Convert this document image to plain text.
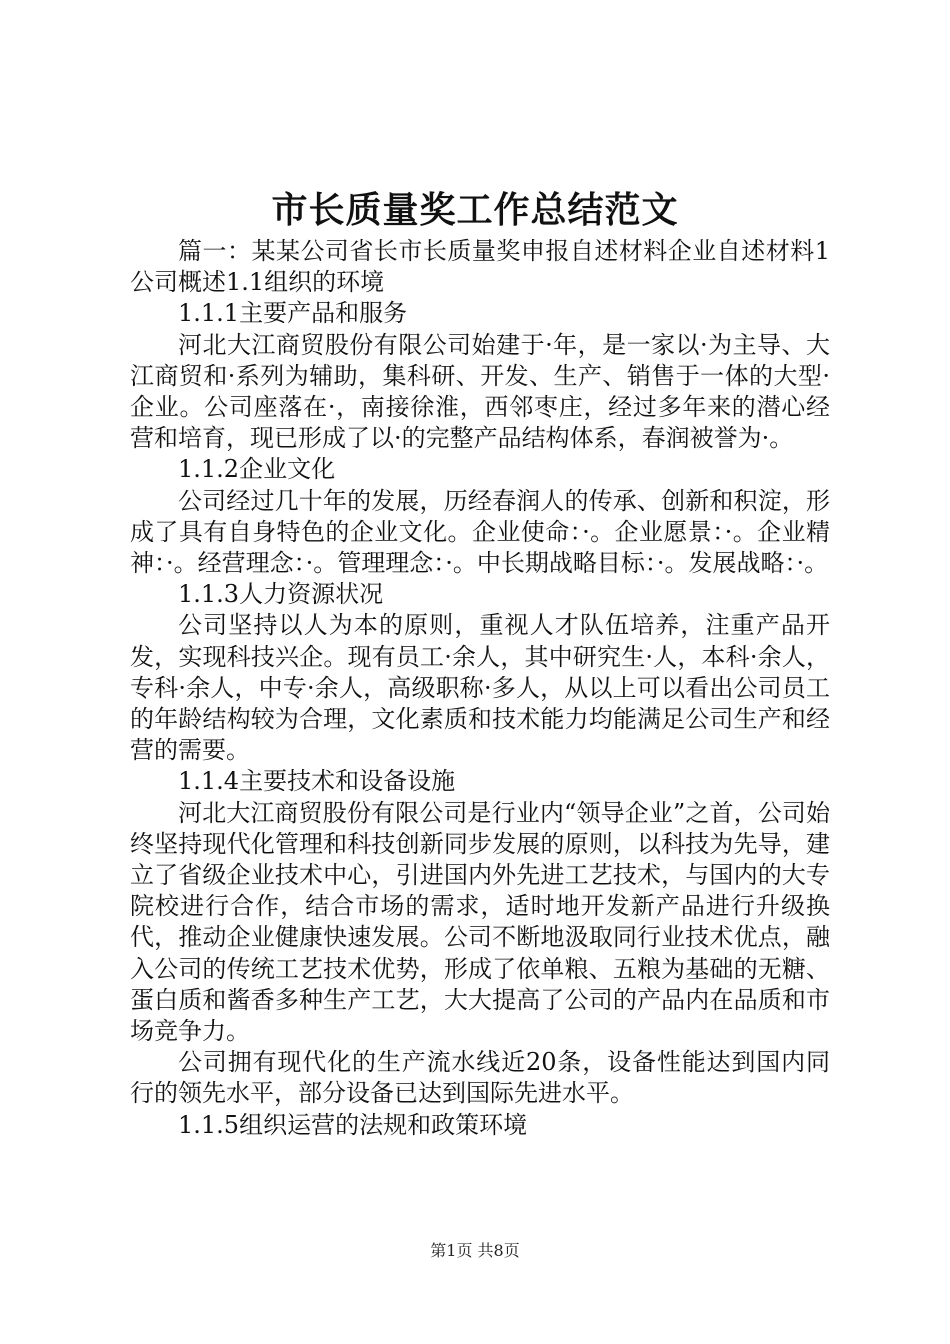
市长质量奖工作总结范文

篇一：某某公司省长市长质量奖申报自述材料企业自述材料1公司概述1.1组织的环境

1.1.1主要产品和服务

河北大江商贸股份有限公司始建于·年，是一家以·为主导、大江商贸和·系列为辅助，集科研、开发、生产、销售于一体的大型·企业。公司座落在·，南接徐淮，西邻枣庄，经过多年来的潜心经营和培育，现已形成了以·的完整产品结构体系，春润被誉为·。

1.1.2企业文化

公司经过几十年的发展，历经春润人的传承、创新和积淀，形成了具有自身特色的企业文化。企业使命：·。企业愿景：·。企业精神：·。经营理念：·。管理理念：·。中长期战略目标：·。发展战略：·。

1.1.3人力资源状况

公司坚持以人为本的原则，重视人才队伍培养，注重产品开发，实现科技兴企。现有员工·余人，其中研究生·人，本科·余人，专科·余人，中专·余人，高级职称·多人，从以上可以看出公司员工的年龄结构较为合理，文化素质和技术能力均能满足公司生产和经营的需要。

1.1.4主要技术和设备设施

河北大江商贸股份有限公司是行业内“领导企业”之首，公司始终坚持现代化管理和科技创新同步发展的原则，以科技为先导，建立了省级企业技术中心，引进国内外先进工艺技术，与国内的大专院校进行合作，结合市场的需求，适时地开发新产品进行升级换代，推动企业健康快速发展。公司不断地汲取同行业技术优点，融入公司的传统工艺技术优势，形成了依单粮、五粮为基础的无糖、蛋白质和酱香多种生产工艺，大大提高了公司的产品内在品质和市场竞争力。

公司拥有现代化的生产流水线近20条，设备性能达到国内同行的领先水平，部分设备已达到国际先进水平。

1.1.5组织运营的法规和政策环境

第1页 共8页
